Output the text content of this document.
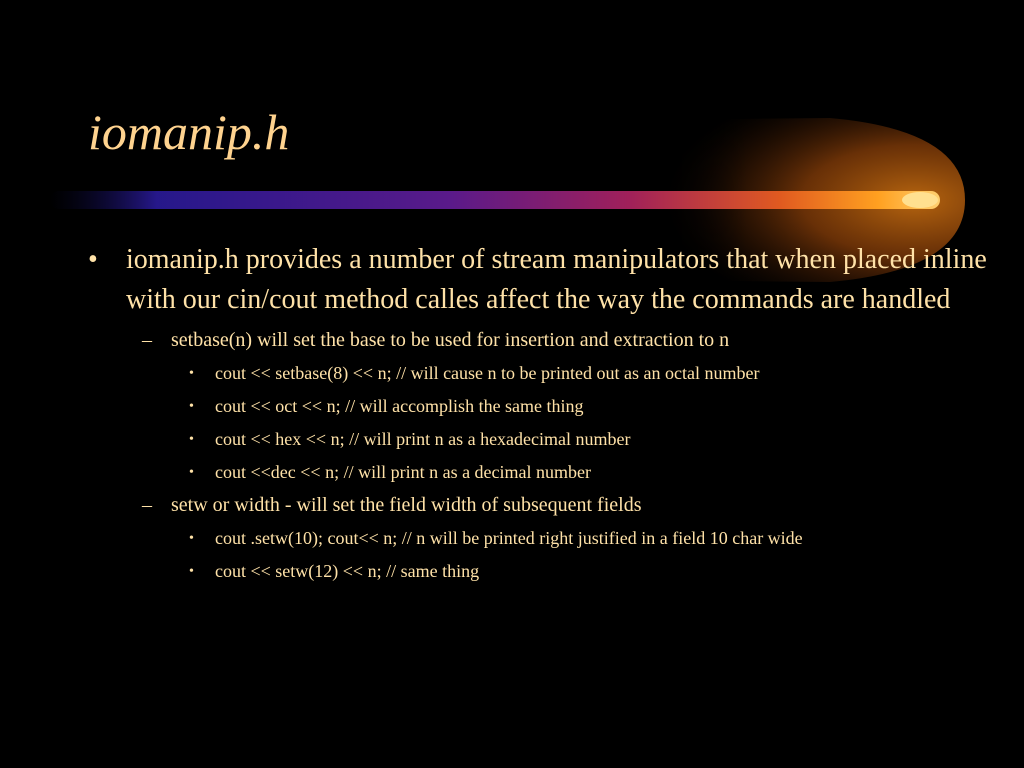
iomanip.h
• iomanip.h provides a number of stream manipulators that when placed inline with our cin/cout method calles affect the way the commands are handled
– setbase(n) will set the base to be used for insertion and extraction to n
• cout << setbase(8) << n; // will cause n to be printed out as an octal number
• cout << oct << n; // will accomplish the same thing
• cout << hex << n; // will print n as a hexadecimal number
• cout <<dec << n; // will print n as a decimal number
– setw or width - will set the field width of subsequent fields
• cout .setw(10); cout<< n; // n will be printed right justified in a field 10 char wide
• cout << setw(12) << n; // same thing
